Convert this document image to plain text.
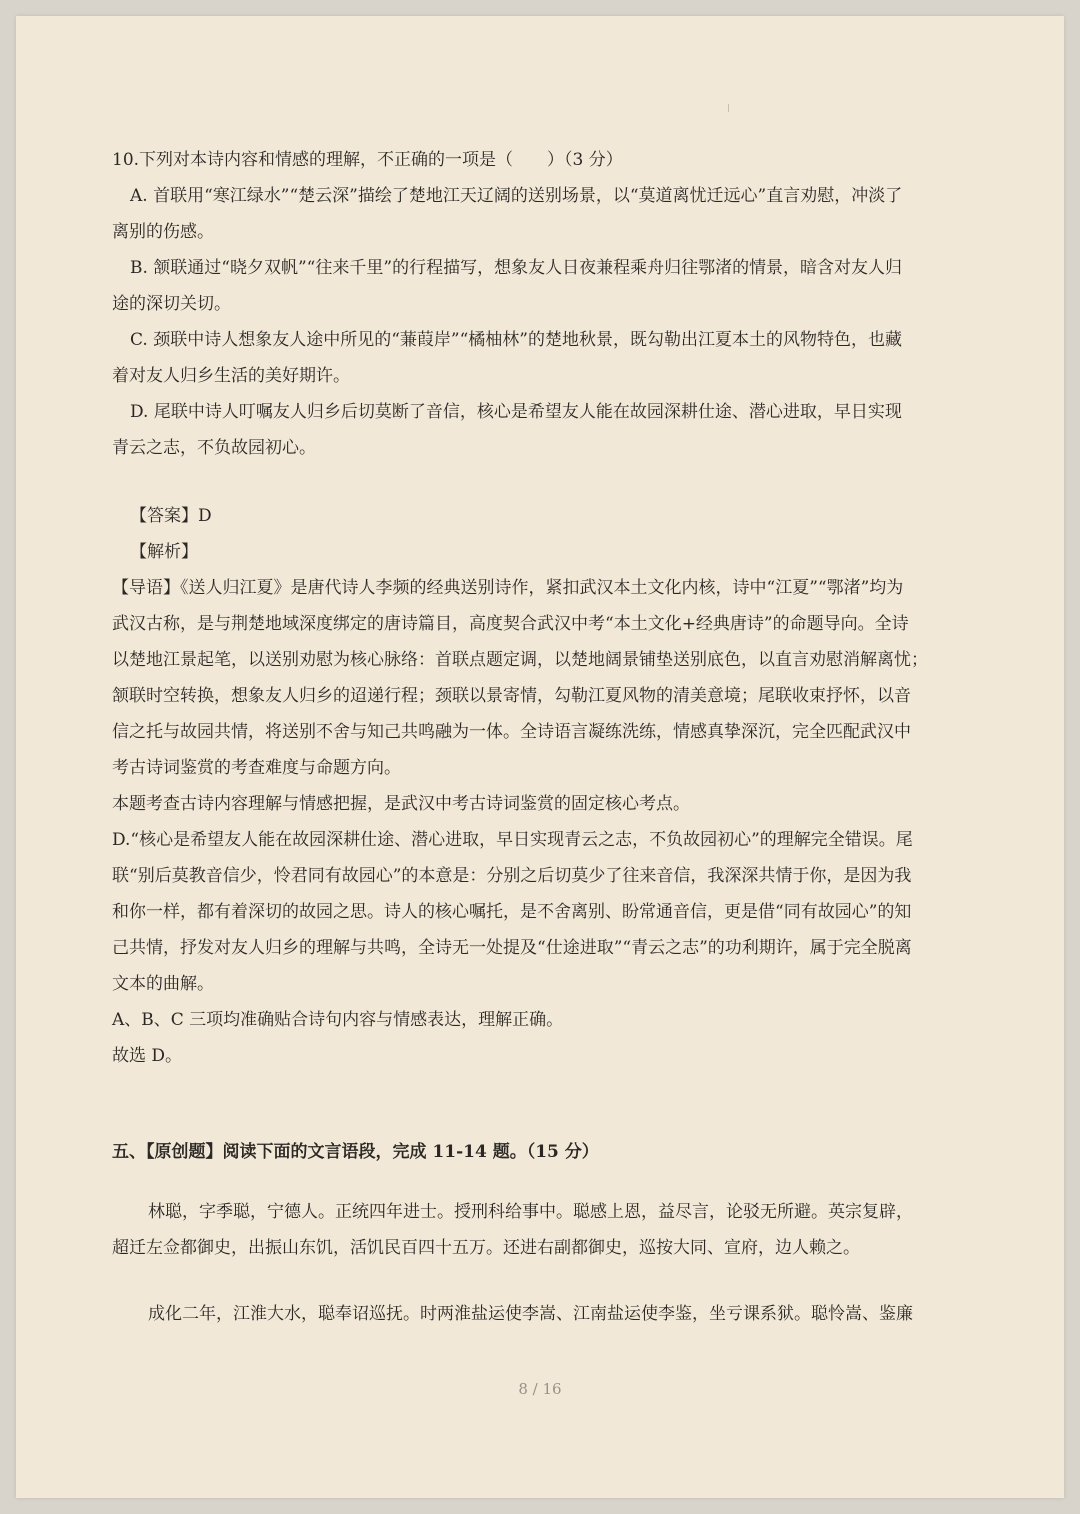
10.下列对本诗内容和情感的理解，不正确的一项是（　　）（3 分）

A. 首联用“寒江绿水”“楚云深”描绘了楚地江天辽阔的送别场景，以“莫道离忧迁远心”直言劝慰，冲淡了

离别的伤感。

B. 颔联通过“晓夕双帆”“往来千里”的行程描写，想象友人日夜兼程乘舟归往鄂渚的情景，暗含对友人归

途的深切关切。

C. 颈联中诗人想象友人途中所见的“蒹葭岸”“橘柚林”的楚地秋景，既勾勒出江夏本土的风物特色，也藏

着对友人归乡生活的美好期许。

D. 尾联中诗人叮嘱友人归乡后切莫断了音信，核心是希望友人能在故园深耕仕途、潜心进取，早日实现

青云之志，不负故园初心。

【答案】D

【解析】

【导语】《送人归江夏》是唐代诗人李频的经典送别诗作，紧扣武汉本土文化内核，诗中“江夏”“鄂渚”均为

武汉古称，是与荆楚地域深度绑定的唐诗篇目，高度契合武汉中考“本土文化+经典唐诗”的命题导向。全诗

以楚地江景起笔，以送别劝慰为核心脉络：首联点题定调，以楚地阔景铺垫送别底色，以直言劝慰消解离忧；

颔联时空转换，想象友人归乡的迢递行程；颈联以景寄情，勾勒江夏风物的清美意境；尾联收束抒怀，以音

信之托与故园共情，将送别不舍与知己共鸣融为一体。全诗语言凝练洗练，情感真挚深沉，完全匹配武汉中

考古诗词鉴赏的考查难度与命题方向。

本题考查古诗内容理解与情感把握，是武汉中考古诗词鉴赏的固定核心考点。

D.“核心是希望友人能在故园深耕仕途、潜心进取，早日实现青云之志，不负故园初心”的理解完全错误。尾

联“别后莫教音信少，怜君同有故园心”的本意是：分别之后切莫少了往来音信，我深深共情于你，是因为我

和你一样，都有着深切的故园之思。诗人的核心嘱托，是不舍离别、盼常通音信，更是借“同有故园心”的知

己共情，抒发对友人归乡的理解与共鸣，全诗无一处提及“仕途进取”“青云之志”的功利期许，属于完全脱离

文本的曲解。

A、B、C 三项均准确贴合诗句内容与情感表达，理解正确。

故选 D。

五、【原创题】阅读下面的文言语段，完成 11-14 题。（15 分）

林聪，字季聪，宁德人。正统四年进士。授刑科给事中。聪感上恩，益尽言，论驳无所避。英宗复辟，

超迁左佥都御史，出振山东饥，活饥民百四十五万。还进右副都御史，巡按大同、宣府，边人赖之。

成化二年，江淮大水，聪奉诏巡抚。时两淮盐运使李嵩、江南盐运使李鉴，坐亏课系狱。聪怜嵩、鉴廉

8 / 16
